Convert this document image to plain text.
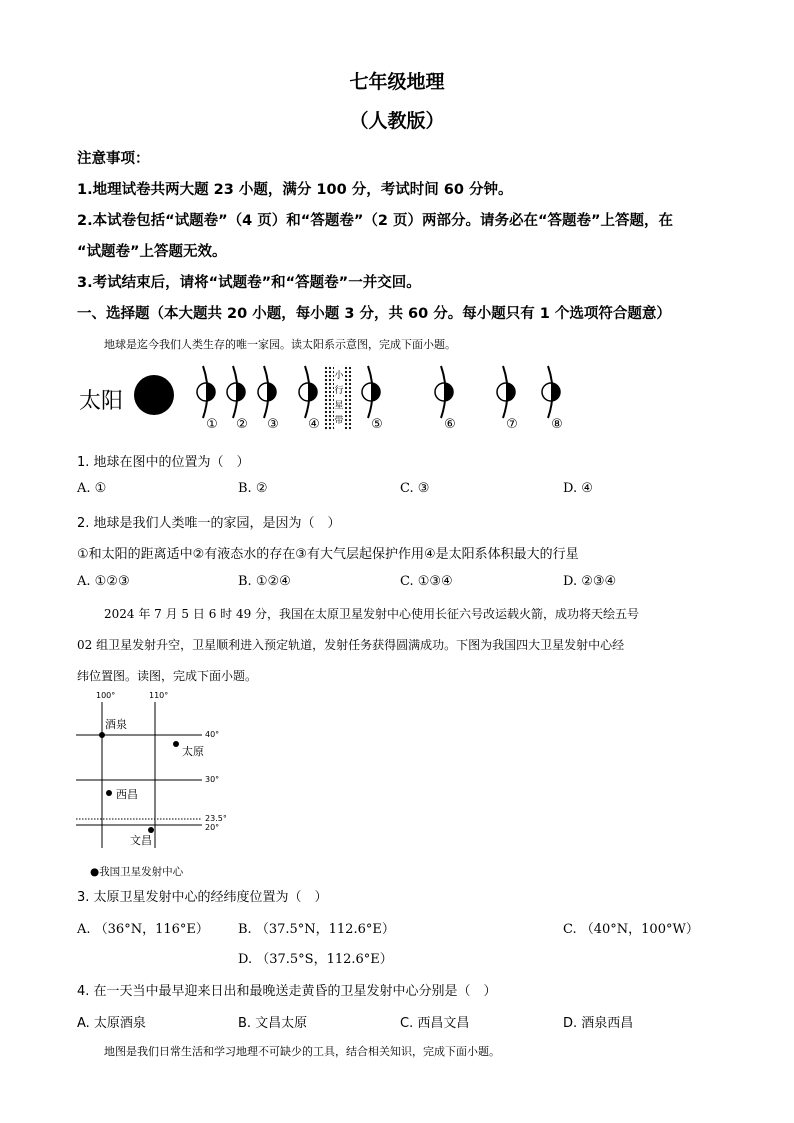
七年级地理
（人教版）
注意事项：
1.地理试卷共两大题 23 小题，满分 100 分，考试时间 60 分钟。
2.本试卷包括“试题卷”（4 页）和“答题卷”（2 页）两部分。请务必在“答题卷”上答题，在
“试题卷”上答题无效。
3.考试结束后，请将“试题卷”和“答题卷”一并交回。
一、选择题（本大题共 20 小题，每小题 3 分，共 60 分。每小题只有 1 个选项符合题意）
地球是迄今我们人类生存的唯一家园。读太阳系示意图，完成下面小题。
太阳
小
行
星
带
① ② ③ ④	⑤	⑥	⑦	⑧
1. 地球在图中的位置为（　）
A. ①	B. ②	C. ③	D. ④
2. 地球是我们人类唯一的家园，是因为（　）
①和太阳的距离适中②有液态水的存在③有大气层起保护作用④是太阳系体积最大的行星
A. ①②③	B. ①②④	C. ①③④	D. ②③④
2024 年 7 月 5 日 6 时 49 分，我国在太原卫星发射中心使用长征六号改运载火箭，成功将天绘五号
02 组卫星发射升空，卫星顺利进入预定轨道，发射任务获得圆满成功。下图为我国四大卫星发射中心经
纬位置图。读图，完成下面小题。
100°	110°
40°
30°
23.5°
20°
酒泉
太原
西昌
文昌
●我国卫星发射中心
3. 太原卫星发射中心的经纬度位置为（　）
A. （36°N，116°E） B. （37.5°N，112.6°E）	C. （40°N，100°W）
D. （37.5°S，112.6°E）
4. 在一天当中最早迎来日出和最晚送走黄昏的卫星发射中心分别是（　）
A. 太原酒泉	B. 文昌太原	C. 西昌文昌	D. 酒泉西昌
地图是我们日常生活和学习地理不可缺少的工具，结合相关知识，完成下面小题。
